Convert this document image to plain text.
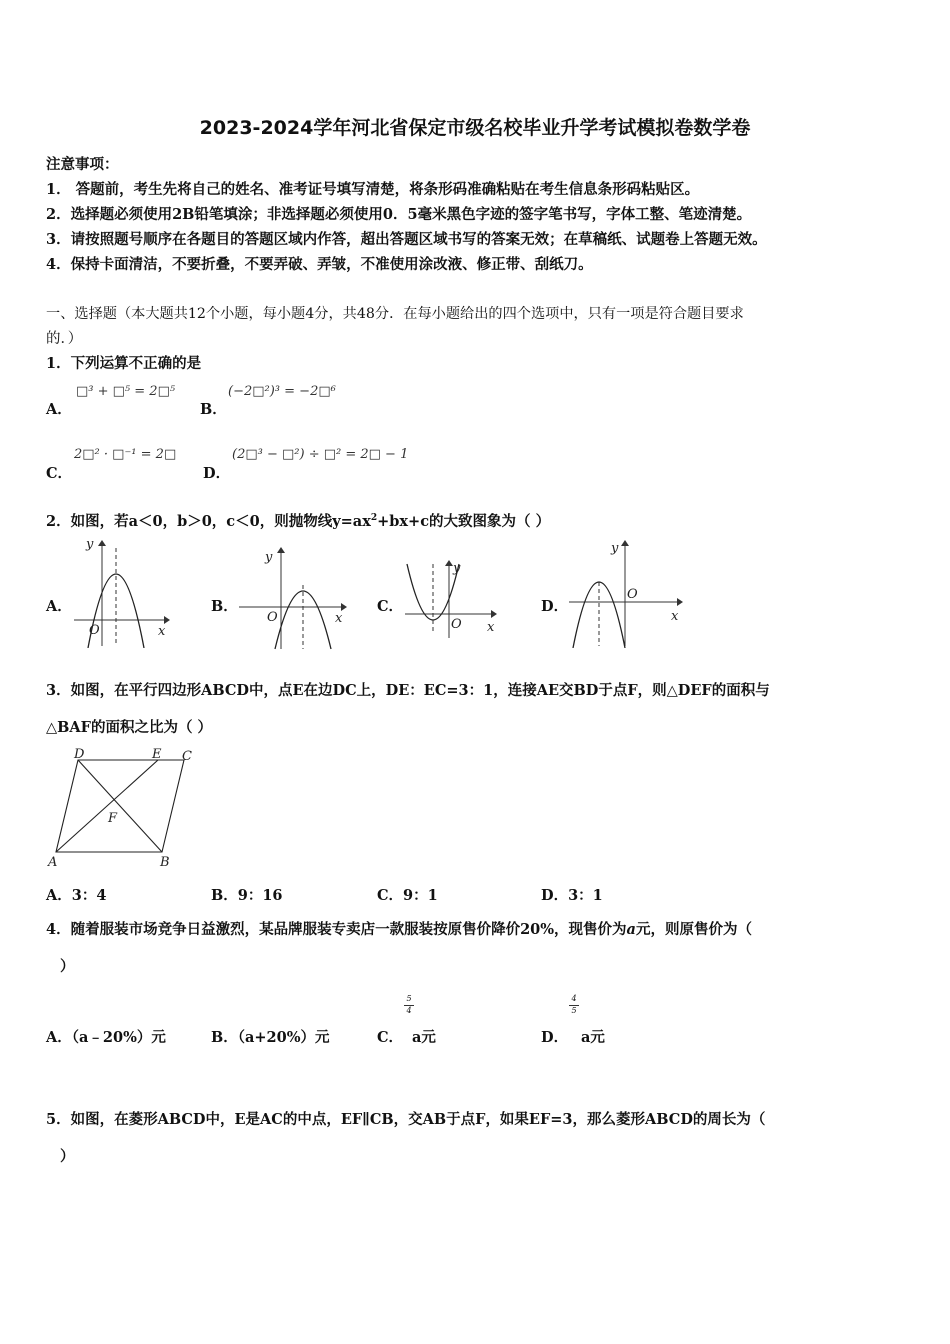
2023-2024学年河北省保定市级名校毕业升学考试模拟卷数学卷
注意事项：
1． 答题前，考生先将自己的姓名、准考证号填写清楚，将条形码准确粘贴在考生信息条形码粘贴区。
2．选择题必须使用2B铅笔填涂；非选择题必须使用0．5毫米黑色字迹的签字笔书写，字体工整、笔迹清楚。
3．请按照题号顺序在各题目的答题区域内作答，超出答题区域书写的答案无效；在草稿纸、试题卷上答题无效。
4．保持卡面清洁，不要折叠，不要弄破、弄皱，不准使用涂改液、修正带、刮纸刀。
一、选择题（本大题共12个小题，每小题4分，共48分．在每小题给出的四个选项中，只有一项是符合题目要求
的．）
1．下列运算不正确的是
A．
□³ + □⁵ = 2□⁵
B．
(−2□²)³ = −2□⁶
C．
2□² · □⁻¹ = 2□
D．
(2□³ − □²) ÷ □² = 2□ − 1
2．如图，若a＜0，b＞0，c＜0，则抛物线$y=ax^2+bx+c$的大致图象为（ ）
A．
y
x
O
B．
y
x
O
C．
y
x
O
D．
y
x
O
3．如图，在平行四边形ABCD中，点E在边DC上，DE：EC=3：1，连接AE交BD于点F，则△DEF的面积与
△BAF的面积之比为（ ）
A	B
C
D	E
F
A．3：4	B．9：16	C．9：1	D．3：1
4．随着服装市场竞争日益激烈，某品牌服装专卖店一款服装按原售价降价20%，现售价为a元，则原售价为（
）
A．（a﹣20%）元	B．（a+20%）元	C．
$\frac{5}{4}$
a元	D．
$\frac{4}{5}$
a元
5．如图，在菱形ABCD中，E是AC的中点，EF∥CB，交AB于点F，如果EF=3，那么菱形ABCD的周长为（
）
